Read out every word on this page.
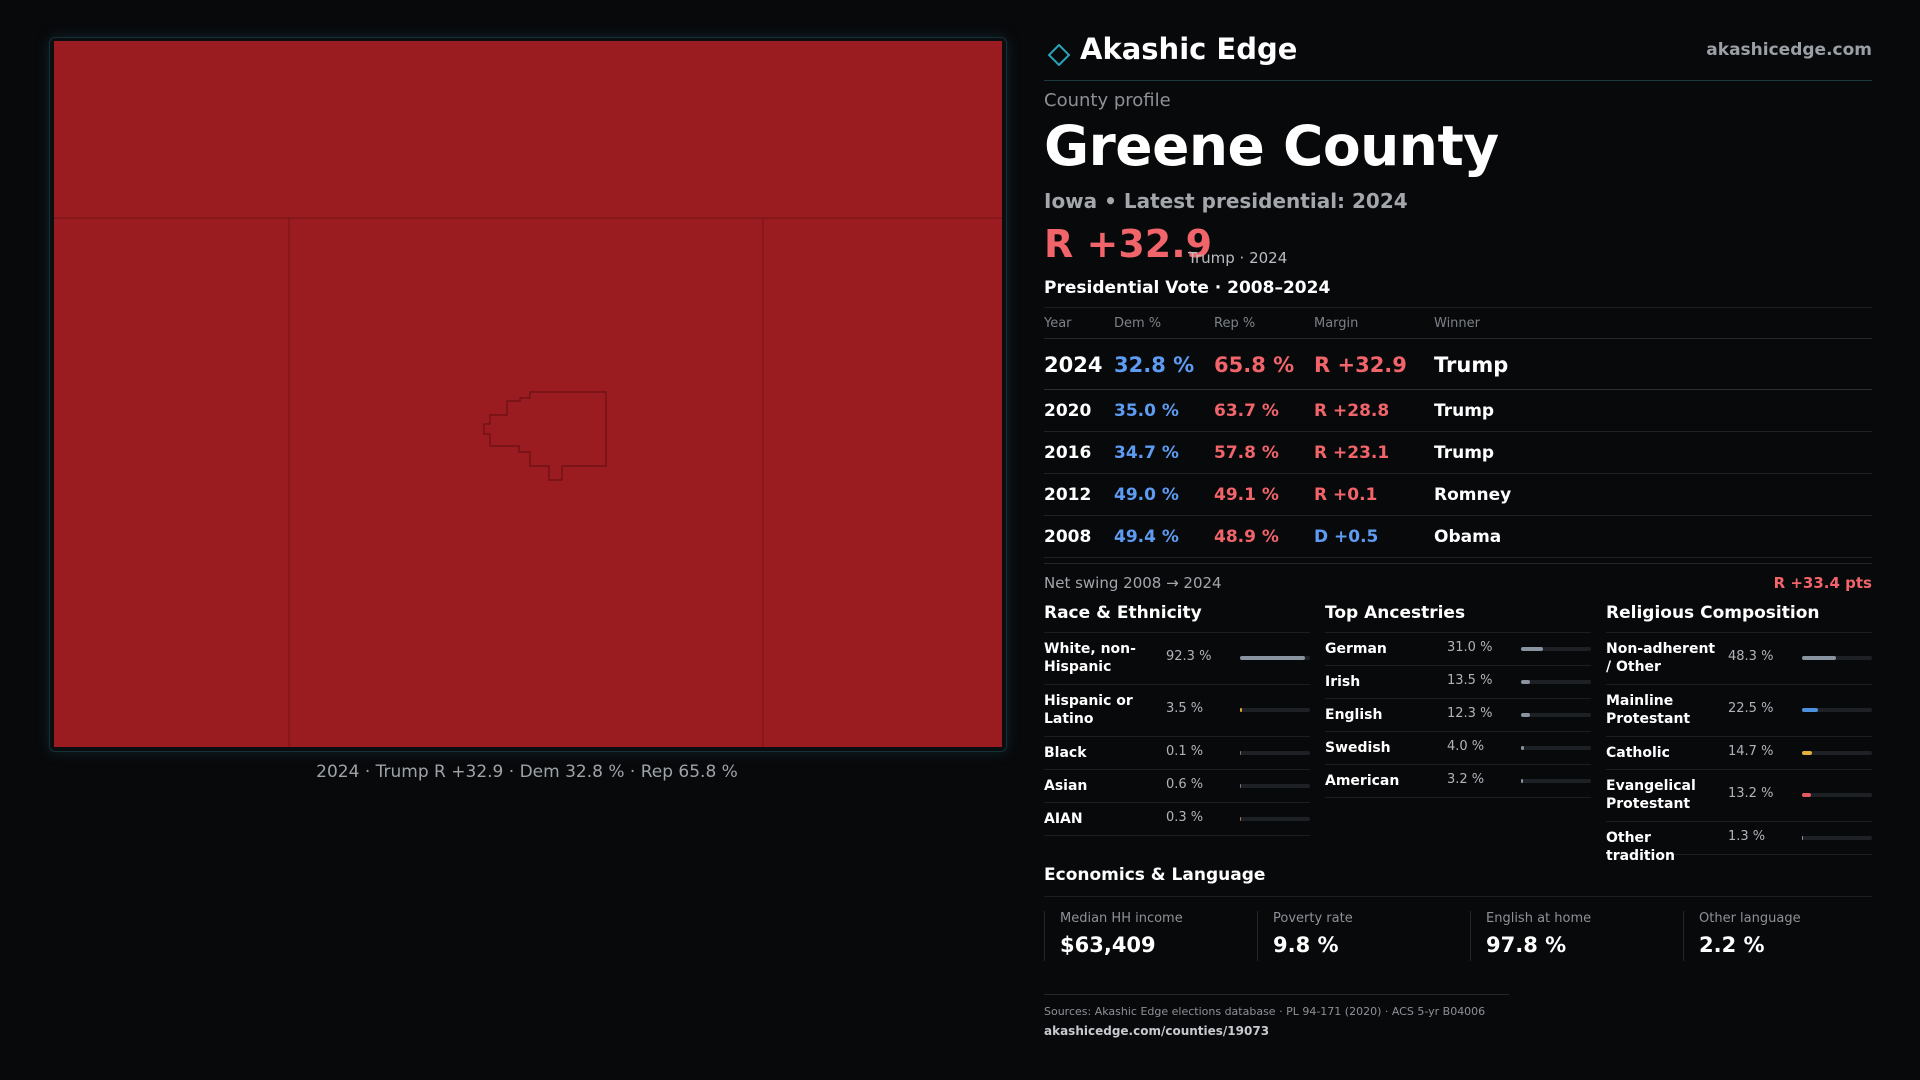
2024 · Trump R +32.9 · Dem 32.8 % · Rep 65.8 %
Akashic Edge	akashicedge.com
County profile
Greene County
Iowa • Latest presidential: 2024
R +32.9
Trump · 2024
Presidential Vote · 2008–2024
Year	Dem %	Rep %	Margin	Winner
2024 32.8 % 65.8 % R +32.9 Trump
2020 35.0 % 63.7 % R +28.8	Trump
2016 34.7 % 57.8 % R +23.1	Trump
2012 49.0 % 49.1 % R +0.1	Romney
2008 49.4 % 48.9 % D +0.5	Obama
Net swing 2008 → 2024	R +33.4 pts
Race & Ethnicity
White, non-Hispanic
92.3 %
Hispanic or Latino
3.5 %
Black	0.1 %
Asian	0.6 %
AIAN	0.3 %
Top Ancestries
German	31.0 %
Irish	13.5 %
English	12.3 %
Swedish	4.0 %
American	3.2 %
Religious Composition
Non-adherent / Other
48.3 %
Mainline Protestant
22.5 %
Catholic	14.7 %
Evangelical Protestant
13.2 %
Other tradition
1.3 %
Economics & Language
Median HH income
$63,409
Poverty rate
9.8 %
English at home
97.8 %
Other language
2.2 %
Sources: Akashic Edge elections database · PL 94-171 (2020) · ACS 5-yr B04006
akashicedge.com/counties/19073
